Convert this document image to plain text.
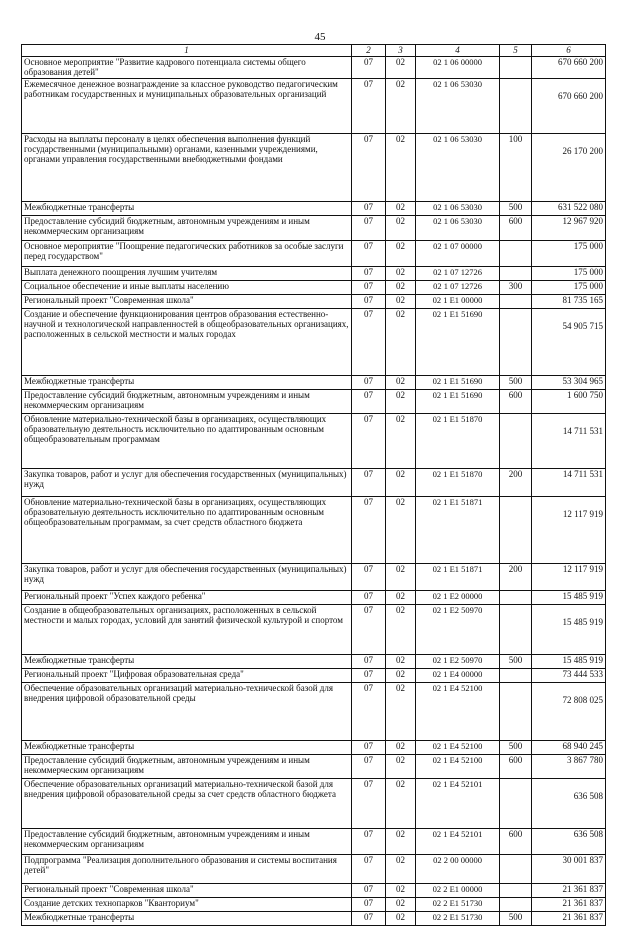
45
1	2	3	4	5	6
Основное мероприятие "Развитие кадрового потенциала системы общего образования детей"	07	02	02 1 06 00000		670 660 200
Ежемесячное денежное вознаграждение за классное руководство педагогическим работникам государственных и муниципальных образовательных организаций	07	02	02 1 06 53030		670 660 200
Расходы на выплаты персоналу в целях обеспечения выполнения функций государственными (муниципальными) органами, казенными учреждениями, органами управления государственными внебюджетными фондами	07	02	02 1 06 53030	100	26 170 200
Межбюджетные трансферты	07	02	02 1 06 53030	500	631 522 080
Предоставление субсидий бюджетным, автономным учреждениям и иным некоммерческим организациям	07	02	02 1 06 53030	600	12 967 920
Основное мероприятие "Поощрение педагогических работников за особые заслуги перед государством"	07	02	02 1 07 00000		175 000
Выплата денежного поощрения лучшим учителям	07	02	02 1 07 12726		175 000
Социальное обеспечение и иные выплаты населению	07	02	02 1 07 12726	300	175 000
Региональный проект "Современная школа"	07	02	02 1 E1 00000		81 735 165
Создание и обеспечение функционирования центров образования естественно-научной и технологической направленностей в общеобразовательных организациях, расположенных в сельской местности и малых городах	07	02	02 1 E1 51690		54 905 715
Межбюджетные трансферты	07	02	02 1 E1 51690	500	53 304 965
Предоставление субсидий бюджетным, автономным учреждениям и иным некоммерческим организациям	07	02	02 1 E1 51690	600	1 600 750
Обновление материально-технической базы в организациях, осуществляющих образовательную деятельность исключительно по адаптированным основным общеобразовательным программам	07	02	02 1 E1 51870		14 711 531
Закупка товаров, работ и услуг для обеспечения государственных (муниципальных) нужд	07	02	02 1 E1 51870	200	14 711 531
Обновление материально-технической базы в организациях, осуществляющих образовательную деятельность исключительно по адаптированным основным общеобразовательным программам, за счет средств областного бюджета	07	02	02 1 E1 51871		12 117 919
Закупка товаров, работ и услуг для обеспечения государственных (муниципальных) нужд	07	02	02 1 E1 51871	200	12 117 919
Региональный проект "Успех каждого ребенка"	07	02	02 1 E2 00000		15 485 919
Создание в общеобразовательных организациях, расположенных в сельской местности и малых городах, условий для занятий физической культурой и спортом	07	02	02 1 E2 50970		15 485 919
Межбюджетные трансферты	07	02	02 1 E2 50970	500	15 485 919
Региональный проект "Цифровая образовательная среда"	07	02	02 1 E4 00000		73 444 533
Обеспечение образовательных организаций материально-технической базой для внедрения цифровой образовательной среды	07	02	02 1 E4 52100		72 808 025
Межбюджетные трансферты	07	02	02 1 E4 52100	500	68 940 245
Предоставление субсидий бюджетным, автономным учреждениям и иным некоммерческим организациям	07	02	02 1 E4 52100	600	3 867 780
Обеспечение образовательных организаций материально-технической базой для внедрения цифровой образовательной среды за счет средств областного бюджета	07	02	02 1 E4 52101		636 508
Предоставление субсидий бюджетным, автономным учреждениям и иным некоммерческим организациям	07	02	02 1 E4 52101	600	636 508
Подпрограмма "Реализация дополнительного образования и системы воспитания детей"	07	02	02 2 00 00000		30 001 837
Региональный проект "Современная школа"	07	02	02 2 E1 00000		21 361 837
Создание детских технопарков "Кванториум"	07	02	02 2 E1 51730		21 361 837
Межбюджетные трансферты	07	02	02 2 E1 51730	500	21 361 837
